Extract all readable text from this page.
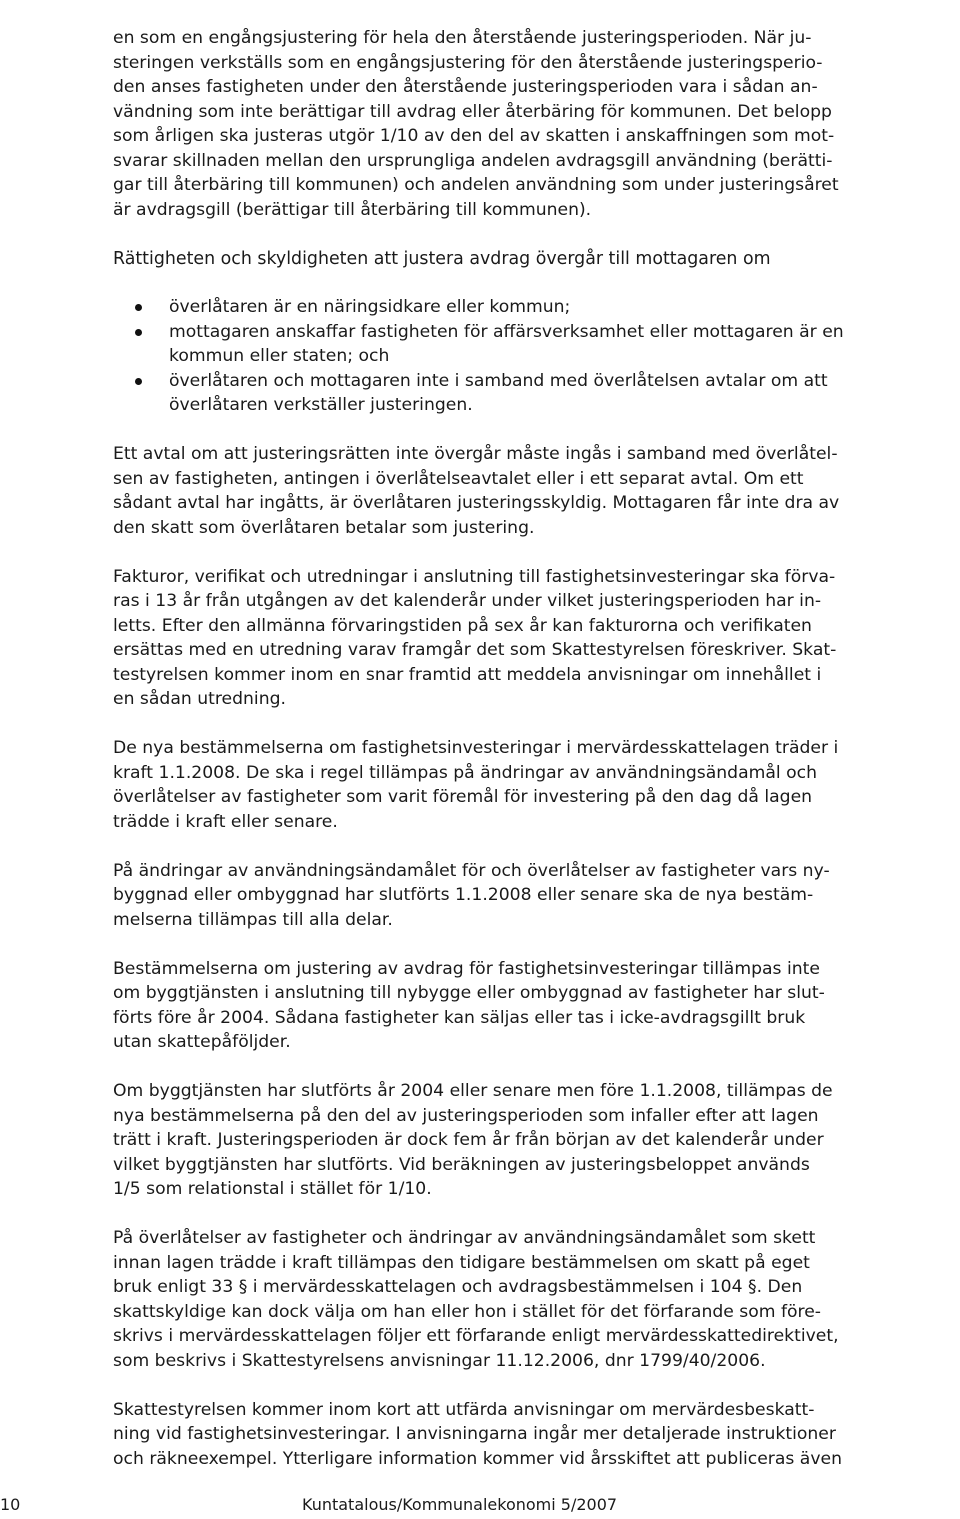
en som en engångsjustering för hela den återstående justeringsperioden. När ju-
steringen verkställs som en engångsjustering för den återstående justeringsperio-
den anses fastigheten under den återstående justeringsperioden vara i sådan an-
vändning som inte berättigar till avdrag eller återbäring för kommunen. Det belopp
som årligen ska justeras utgör 1/10 av den del av skatten i anskaffningen som mot-
svarar skillnaden mellan den ursprungliga andelen avdragsgill användning (berätti-
gar till återbäring till kommunen) och andelen användning som under justeringsåret
är avdragsgill (berättigar till återbäring till kommunen).

Rättigheten och skyldigheten att justera avdrag övergår till mottagaren om

överlåtaren är en näringsidkare eller kommun;
mottagaren anskaffar fastigheten för affärsverksamhet eller mottagaren är en
kommun eller staten; och
överlåtaren och mottagaren inte i samband med överlåtelsen avtalar om att
överlåtaren verkställer justeringen.

Ett avtal om att justeringsrätten inte övergår måste ingås i samband med överlåtel-
sen av fastigheten, antingen i överlåtelseavtalet eller i ett separat avtal. Om ett
sådant avtal har ingåtts, är överlåtaren justeringsskyldig. Mottagaren får inte dra av
den skatt som överlåtaren betalar som justering.

Fakturor, verifikat och utredningar i anslutning till fastighetsinvesteringar ska förva-
ras i 13 år från utgången av det kalenderår under vilket justeringsperioden har in-
letts. Efter den allmänna förvaringstiden på sex år kan fakturorna och verifikaten
ersättas med en utredning varav framgår det som Skattestyrelsen föreskriver. Skat-
testyrelsen kommer inom en snar framtid att meddela anvisningar om innehållet i
en sådan utredning.

De nya bestämmelserna om fastighetsinvesteringar i mervärdesskattelagen träder i
kraft 1.1.2008. De ska i regel tillämpas på ändringar av användningsändamål och
överlåtelser av fastigheter som varit föremål för investering på den dag då lagen
trädde i kraft eller senare.

På ändringar av användningsändamålet för och överlåtelser av fastigheter vars ny-
byggnad eller ombyggnad har slutförts 1.1.2008 eller senare ska de nya bestäm-
melserna tillämpas till alla delar.

Bestämmelserna om justering av avdrag för fastighetsinvesteringar tillämpas inte
om byggtjänsten i anslutning till nybygge eller ombyggnad av fastigheter har slut-
förts före år 2004. Sådana fastigheter kan säljas eller tas i icke-avdragsgillt bruk
utan skattepåföljder.

Om byggtjänsten har slutförts år 2004 eller senare men före 1.1.2008, tillämpas de
nya bestämmelserna på den del av justeringsperioden som infaller efter att lagen
trätt i kraft. Justeringsperioden är dock fem år från början av det kalenderår under
vilket byggtjänsten har slutförts. Vid beräkningen av justeringsbeloppet används
1/5 som relationstal i stället för 1/10.

På överlåtelser av fastigheter och ändringar av användningsändamålet som skett
innan lagen trädde i kraft tillämpas den tidigare bestämmelsen om skatt på eget
bruk enligt 33 § i mervärdesskattelagen och avdragsbestämmelsen i 104 §. Den
skattskyldige kan dock välja om han eller hon i stället för det förfarande som före-
skrivs i mervärdesskattelagen följer ett förfarande enligt mervärdesskattedirektivet,
som beskrivs i Skattestyrelsens anvisningar 11.12.2006, dnr 1799/40/2006.

Skattestyrelsen kommer inom kort att utfärda anvisningar om mervärdesbeskatt-
ning vid fastighetsinvesteringar. I anvisningarna ingår mer detaljerade instruktioner
och räkneexempel. Ytterligare information kommer vid årsskiftet att publiceras även

10	Kuntatalous/Kommunalekonomi 5/2007
